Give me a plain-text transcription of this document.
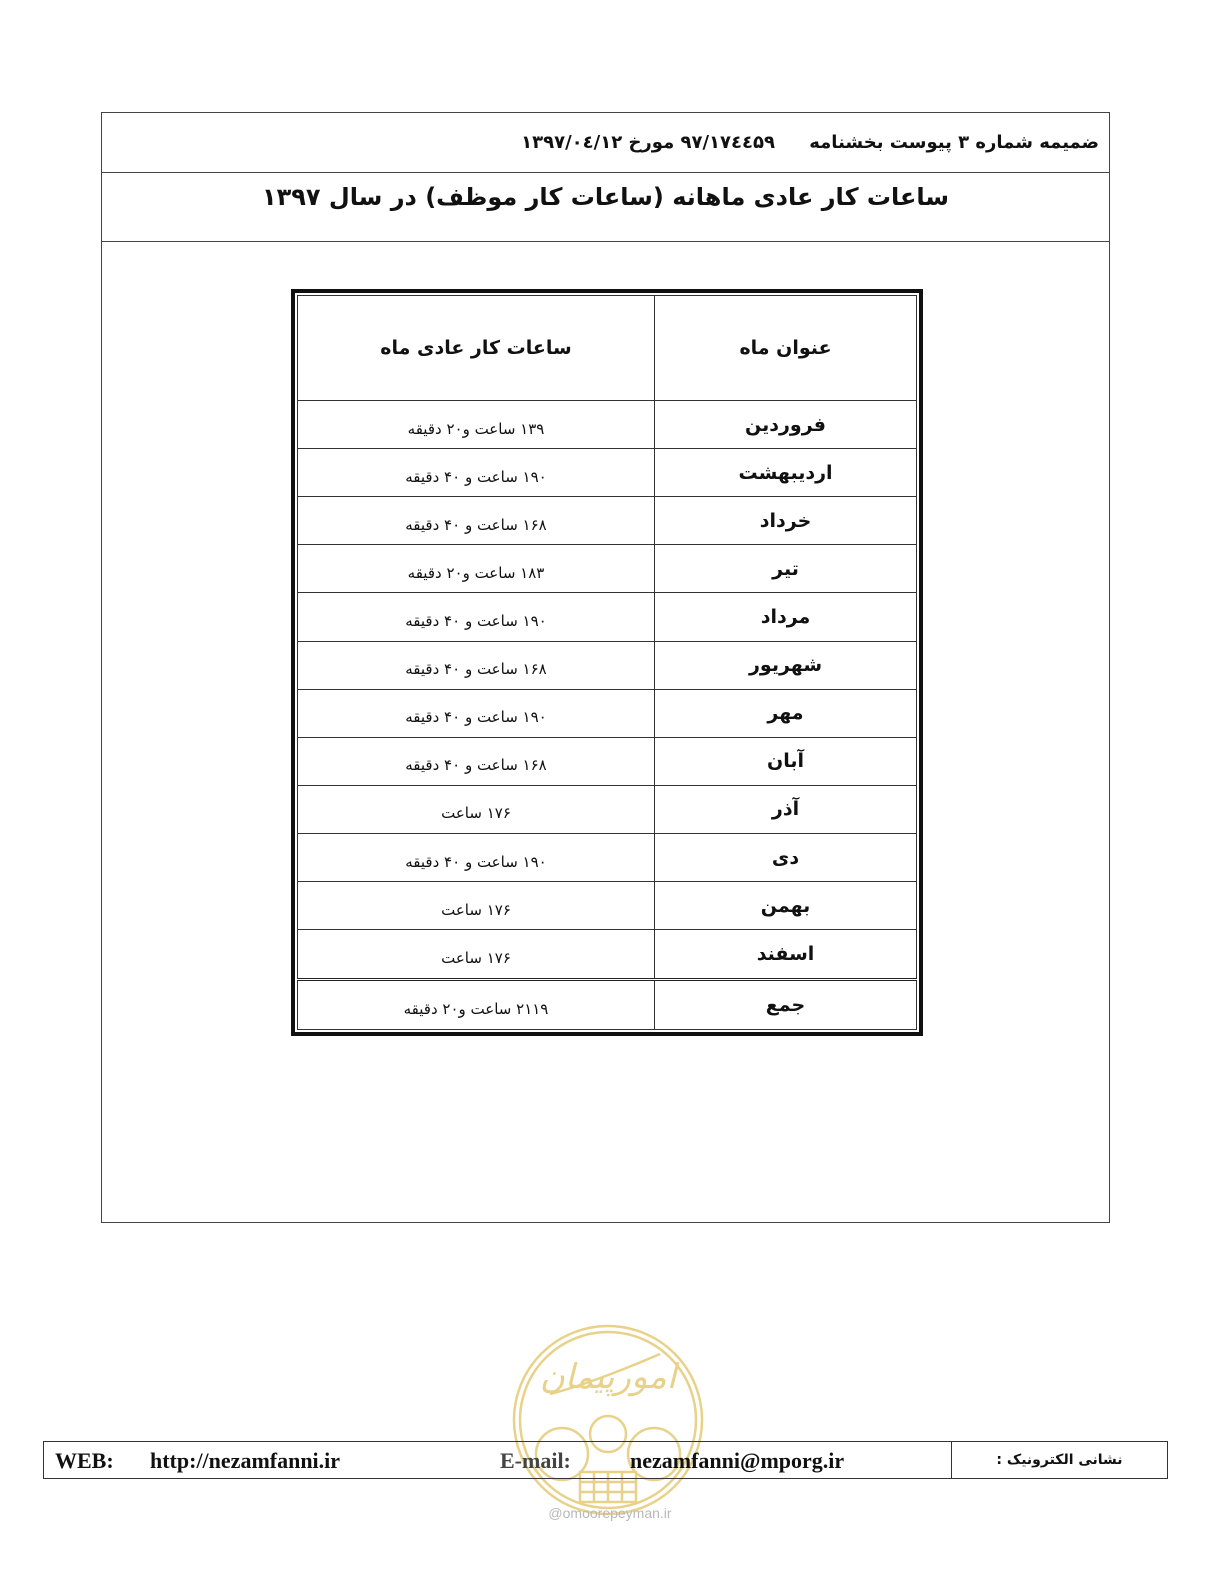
ضمیمه شماره ۳ پیوست بخشنامه ۹۷/۱۷٤٤۵۹ مورخ ۱۳۹۷/۰٤/۱۲
ساعات کار عادی ماهانه (ساعات کار موظف) در سال ۱۳۹۷
عنوان ماه	ساعات کار عادی ماه
فروردین	۱۳۹ ساعت و۲۰ دقیقه
اردیبهشت	۱۹۰ ساعت و ۴۰ دقیقه
خرداد	۱۶۸ ساعت و ۴۰ دقیقه
تیر	۱۸۳ ساعت و۲۰ دقیقه
مرداد	۱۹۰ ساعت و ۴۰ دقیقه
شهریور	۱۶۸ ساعت و ۴۰ دقیقه
مهر	۱۹۰ ساعت و ۴۰ دقیقه
آبان	۱۶۸ ساعت و ۴۰ دقیقه
آذر	۱۷۶ ساعت
دی	۱۹۰ ساعت و ۴۰ دقیقه
بهمن	۱۷۶ ساعت
اسفند	۱۷۶ ساعت
جمع	۲۱۱۹ ساعت و۲۰ دقیقه
امورپیمان
WEB: http://nezamfanni.ir	E-mail:	nezamfanni@mporg.ir	نشانی الکترونیک :
@omoorepeyman.ir
